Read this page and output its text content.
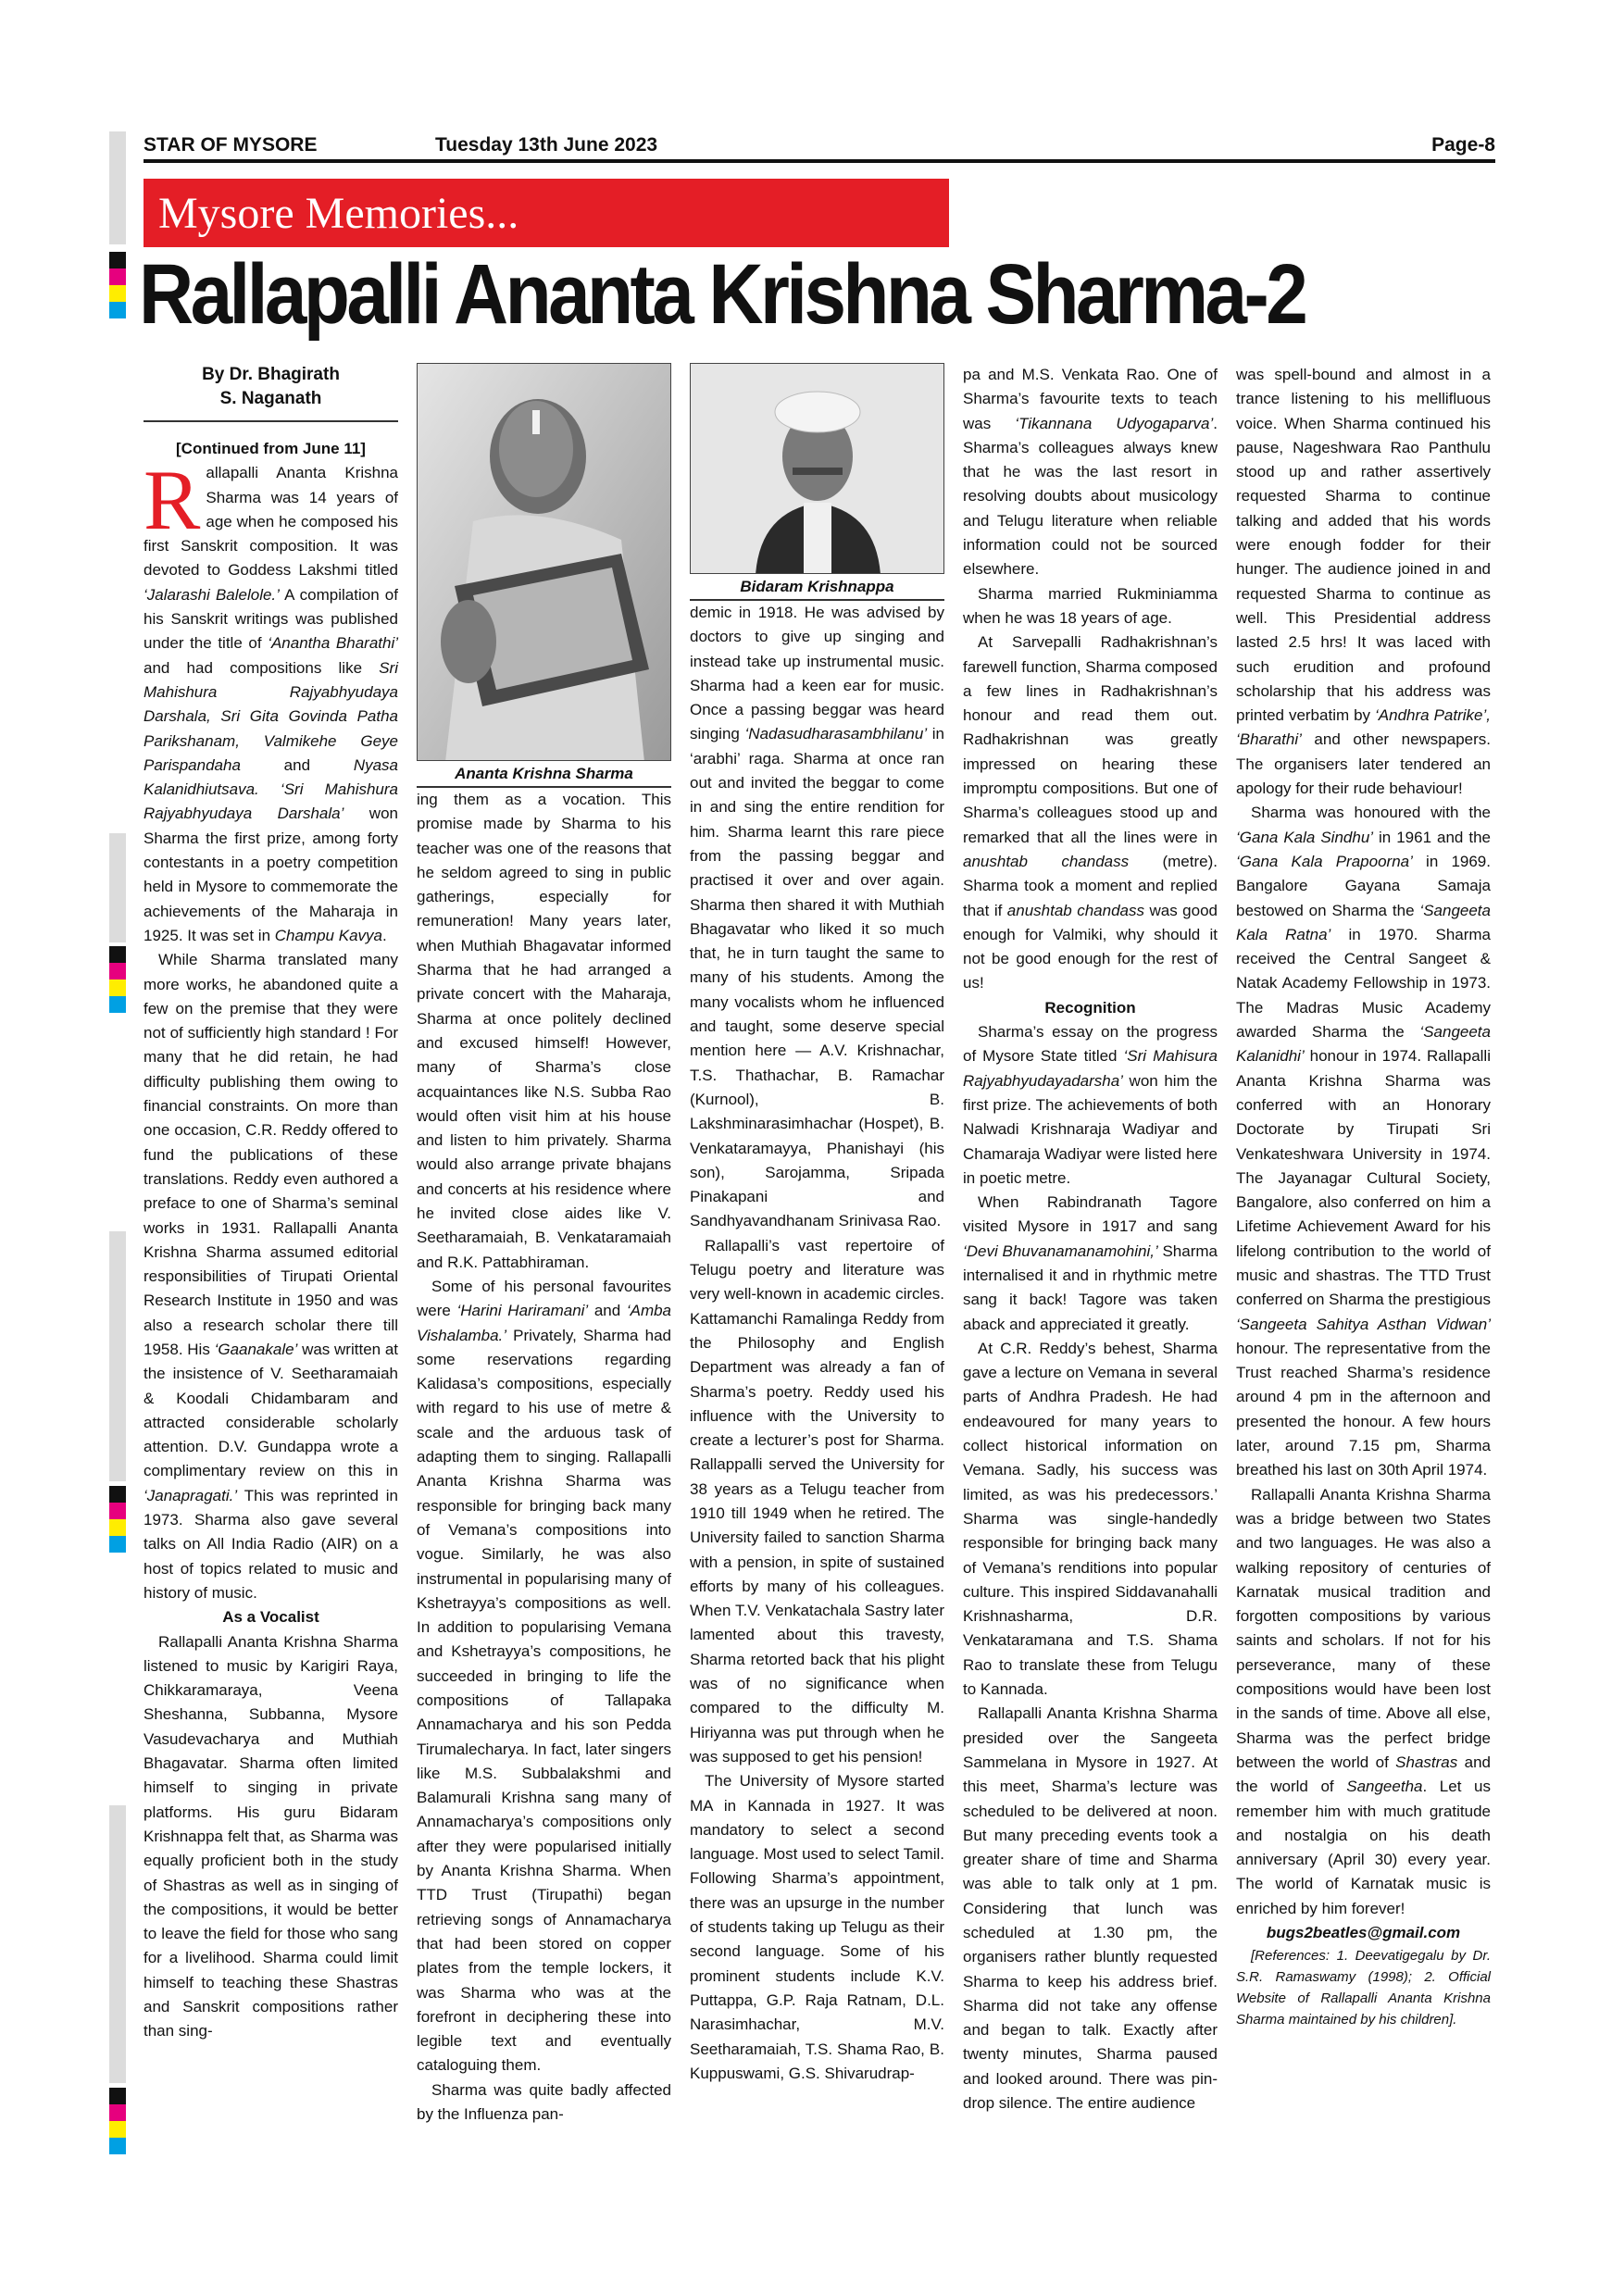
STAR OF MYSORE	Tuesday 13th June 2023	Page-8
Mysore Memories...
Rallapalli Ananta Krishna Sharma-2
By Dr. Bhagirath
S. Naganath
[Continued from June 11]

Rallapalli Ananta Krishna Sharma was 14 years of age when he composed his first Sanskrit composition. It was devoted to Goddess Lakshmi titled ‘Jalarashi Balelole.’ A compilation of his Sanskrit writings was published under the title of ‘Anantha Bharathi’ and had compositions like Sri Mahishura Rajyabhyudaya Darshala, Sri Gita Govinda Patha Parikshanam, Valmikehe Geye Parispandaha and Nyasa Kalanidhiutsava. ‘Sri Mahishura Rajyabhyudaya Darshala’ won Sharma the first prize, among forty contestants in a poetry competition held in Mysore to commemorate the achievements of the Maharaja in 1925. It was set in Champu Kavya.

While Sharma translated many more works, he abandoned quite a few on the premise that they were not of sufficiently high standard ! For many that he did retain, he had difficulty publishing them owing to financial constraints. On more than one occasion, C.R. Reddy offered to fund the publications of these translations. Reddy even authored a preface to one of Sharma’s seminal works in 1931. Rallapalli Ananta Krishna Sharma assumed editorial responsibilities of Tirupati Oriental Research Institute in 1950 and was also a research scholar there till 1958. His ‘Gaanakale’ was written at the insistence of V. Seetharamaiah & Koodali Chidambaram and attracted considerable scholarly attention. D.V. Gundappa wrote a complimentary review on this in ‘Janapragati.’ This was reprinted in 1973. Sharma also gave several talks on All India Radio (AIR) on a host of topics related to music and history of music.

As a Vocalist

Rallapalli Ananta Krishna Sharma listened to music by Karigiri Raya, Chikkaramaraya, Veena Sheshanna, Subbanna, Mysore Vasudevacharya and Muthiah Bhagavatar. Sharma often limited himself to singing in private platforms. His guru Bidaram Krishnappa felt that, as Sharma was equally proficient both in the study of Shastras as well as in singing of the compositions, it would be better to leave the field for those who sang for a livelihood. Sharma could limit himself to teaching these Shastras and Sanskrit compositions rather than sing-

Ananta Krishna Sharma

ing them as a vocation. This promise made by Sharma to his teacher was one of the reasons that he seldom agreed to sing in public gatherings, especially for remuneration! Many years later, when Muthiah Bhagavatar informed Sharma that he had arranged a private concert with the Maharaja, Sharma at once politely declined and excused himself! However, many of Sharma’s close acquaintances like N.S. Subba Rao would often visit him at his house and listen to him privately. Sharma would also arrange private bhajans and concerts at his residence where he invited close aides like V. Seetharamaiah, B. Venkataramaiah and R.K. Pattabhiraman.

Some of his personal favourites were ‘Harini Hariramani’ and ‘Amba Vishalamba.’ Privately, Sharma had some reservations regarding Kalidasa’s compositions, especially with regard to his use of metre & scale and the arduous task of adapting them to singing. Rallapalli Ananta Krishna Sharma was responsible for bringing back many of Vemana’s compositions into vogue. Similarly, he was also instrumental in popularising many of Kshetrayya’s compositions as well. In addition to popularising Vemana and Kshetrayya’s compositions, he succeeded in bringing to life the compositions of Tallapaka Annamacharya and his son Pedda Tirumalecharya. In fact, later singers like M.S. Subbalakshmi and Balamurali Krishna sang many of Annamacharya’s compositions only after they were popularised initially by Ananta Krishna Sharma. When TTD Trust (Tirupathi) began retrieving songs of Annamacharya that had been stored on copper plates from the temple lockers, it was Sharma who was at the forefront in deciphering these into legible text and eventually cataloguing them.

Sharma was quite badly affected by the Influenza pan-

Bidaram Krishnappa

demic in 1918. He was advised by doctors to give up singing and instead take up instrumental music. Sharma had a keen ear for music. Once a passing beggar was heard singing ‘Nadasudharasambhilanu’ in ‘arabhi’ raga. Sharma at once ran out and invited the beggar to come in and sing the entire rendition for him. Sharma learnt this rare piece from the passing beggar and practised it over and over again. Sharma then shared it with Muthiah Bhagavatar who liked it so much that, he in turn taught the same to many of his students. Among the many vocalists whom he influenced and taught, some deserve special mention here — A.V. Krishnachar, T.S. Thathachar, B. Ramachar (Kurnool), B. Lakshminarasimhachar (Hospet), B. Venkataramayya, Phanishayi (his son), Sarojamma, Sripada Pinakapani and Sandhyavandhanam Srinivasa Rao.

Rallapalli’s vast repertoire of Telugu poetry and literature was very well-known in academic circles. Kattamanchi Ramalinga Reddy from the Philosophy and English Department was already a fan of Sharma’s poetry. Reddy used his influence with the University to create a lecturer’s post for Sharma. Rallappalli served the University for 38 years as a Telugu teacher from 1910 till 1949 when he retired. The University failed to sanction Sharma with a pension, in spite of sustained efforts by many of his colleagues. When T.V. Venkatachala Sastry later lamented about this travesty, Sharma retorted back that his plight was of no significance when compared to the difficulty M. Hiriyanna was put through when he was supposed to get his pension!

The University of Mysore started MA in Kannada in 1927. It was mandatory to select a second language. Most used to select Tamil. Following Sharma’s appointment, there was an upsurge in the number of students taking up Telugu as their second language. Some of his prominent students include K.V. Puttappa, G.P. Raja Ratnam, D.L. Narasimhachar, M.V. Seetharamaiah, T.S. Shama Rao, B. Kuppuswami, G.S. Shivarudrap-

pa and M.S. Venkata Rao. One of Sharma’s favourite texts to teach was ‘Tikannana Udyogaparva’. Sharma’s colleagues always knew that he was the last resort in resolving doubts about musicology and Telugu literature when reliable information could not be sourced elsewhere.

Sharma married Rukminiamma when he was 18 years of age.

At Sarvepalli Radhakrishnan’s farewell function, Sharma composed a few lines in Radhakrishnan’s honour and read them out. Radhakrishnan was greatly impressed on hearing these impromptu compositions. But one of Sharma’s colleagues stood up and remarked that all the lines were in anushtab chandass (metre). Sharma took a moment and replied that if anushtab chandass was good enough for Valmiki, why should it not be good enough for the rest of us!

Recognition

Sharma’s essay on the progress of Mysore State titled ‘Sri Mahisura Rajyabhyudayadarsha’ won him the first prize. The achievements of both Nalwadi Krishnaraja Wadiyar and Chamaraja Wadiyar were listed here in poetic metre.

When Rabindranath Tagore visited Mysore in 1917 and sang ‘Devi Bhuvanamanamohini,’ Sharma internalised it and in rhythmic metre sang it back! Tagore was taken aback and appreciated it greatly.

At C.R. Reddy’s behest, Sharma gave a lecture on Vemana in several parts of Andhra Pradesh. He had endeavoured for many years to collect historical information on Vemana. Sadly, his success was limited, as was his predecessors.’ Sharma was single-handedly responsible for bringing back many of Vemana’s renditions into popular culture. This inspired Siddavanahalli Krishnasharma, D.R. Venkataramana and T.S. Shama Rao to translate these from Telugu to Kannada.

Rallapalli Ananta Krishna Sharma presided over the Sangeeta Sammelana in Mysore in 1927. At this meet, Sharma’s lecture was scheduled to be delivered at noon. But many preceding events took a greater share of time and Sharma was able to talk only at 1 pm. Considering that lunch was scheduled at 1.30 pm, the organisers rather bluntly requested Sharma to keep his address brief. Sharma did not take any offense and began to talk. Exactly after twenty minutes, Sharma paused and looked around. There was pin-drop silence. The entire audience

was spell-bound and almost in a trance listening to his mellifluous voice. When Sharma continued his pause, Nageshwara Rao Panthulu stood up and rather assertively requested Sharma to continue talking and added that his words were enough fodder for their hunger. The audience joined in and requested Sharma to continue as well. This Presidential address lasted 2.5 hrs! It was laced with such erudition and profound scholarship that his address was printed verbatim by ‘Andhra Patrike’, ‘Bharathi’ and other newspapers. The organisers later tendered an apology for their rude behaviour!

Sharma was honoured with the ‘Gana Kala Sindhu’ in 1961 and the ‘Gana Kala Prapoorna’ in 1969. Bangalore Gayana Samaja bestowed on Sharma the ‘Sangeeta Kala Ratna’ in 1970. Sharma received the Central Sangeet & Natak Academy Fellowship in 1973. The Madras Music Academy awarded Sharma the ‘Sangeeta Kalanidhi’ honour in 1974. Rallapalli Ananta Krishna Sharma was conferred with an Honorary Doctorate by Tirupati Sri Venkateshwara University in 1974. The Jayanagar Cultural Society, Bangalore, also conferred on him a Lifetime Achievement Award for his lifelong contribution to the world of music and shastras. The TTD Trust conferred on Sharma the prestigious ‘Sangeeta Sahitya Asthan Vidwan’ honour. The representative from the Trust reached Sharma’s residence around 4 pm in the afternoon and presented the honour. A few hours later, around 7.15 pm, Sharma breathed his last on 30th April 1974.

Rallapalli Ananta Krishna Sharma was a bridge between two States and two languages. He was also a walking repository of centuries of Karnatak musical tradition and forgotten compositions by various saints and scholars. If not for his perseverance, many of these compositions would have been lost in the sands of time. Above all else, Sharma was the perfect bridge between the world of Shastras and the world of Sangeetha. Let us remember him with much gratitude and nostalgia on his death anniversary (April 30) every year. The world of Karnatak music is enriched by him forever!

bugs2beatles@gmail.com

[References: 1. Deevatigegalu by Dr. S.R. Ramaswamy (1998); 2. Official Website of Rallapalli Ananta Krishna Sharma maintained by his children].
